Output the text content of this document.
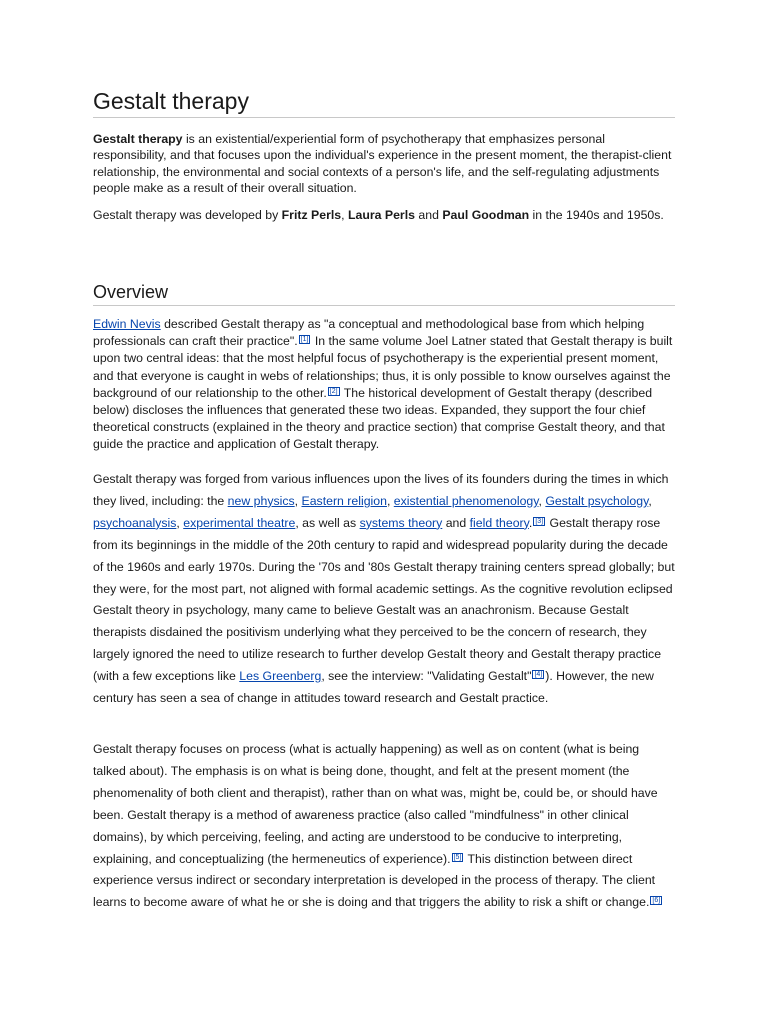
Gestalt therapy

Gestalt therapy is an existential/experiential form of psychotherapy that emphasizes personal responsibility, and that focuses upon the individual's experience in the present moment, the therapist-client relationship, the environmental and social contexts of a person's life, and the self-regulating adjustments people make as a result of their overall situation.

Gestalt therapy was developed by Fritz Perls, Laura Perls and Paul Goodman in the 1940s and 1950s.

Overview

Edwin Nevis described Gestalt therapy as "a conceptual and methodological base from which helping professionals can craft their practice". [1] In the same volume Joel Latner stated that Gestalt therapy is built upon two central ideas: that the most helpful focus of psychotherapy is the experiential present moment, and that everyone is caught in webs of relationships; thus, it is only possible to know ourselves against the background of our relationship to the other. [2] The historical development of Gestalt therapy (described below) discloses the influences that generated these two ideas. Expanded, they support the four chief theoretical constructs (explained in the theory and practice section) that comprise Gestalt theory, and that guide the practice and application of Gestalt therapy.

Gestalt therapy was forged from various influences upon the lives of its founders during the times in which they lived, including: the new physics, Eastern religion, existential phenomenology, Gestalt psychology, psychoanalysis, experimental theatre, as well as systems theory and field theory. [3] Gestalt therapy rose from its beginnings in the middle of the 20th century to rapid and widespread popularity during the decade of the 1960s and early 1970s. During the '70s and '80s Gestalt therapy training centers spread globally; but they were, for the most part, not aligned with formal academic settings. As the cognitive revolution eclipsed Gestalt theory in psychology, many came to believe Gestalt was an anachronism. Because Gestalt therapists disdained the positivism underlying what they perceived to be the concern of research, they largely ignored the need to utilize research to further develop Gestalt theory and Gestalt therapy practice (with a few exceptions like Les Greenberg, see the interview: "Validating Gestalt" [4] ). However, the new century has seen a sea of change in attitudes toward research and Gestalt practice.

Gestalt therapy focuses on process (what is actually happening) as well as on content (what is being talked about). The emphasis is on what is being done, thought, and felt at the present moment (the phenomenality of both client and therapist), rather than on what was, might be, could be, or should have been. Gestalt therapy is a method of awareness practice (also called "mindfulness" in other clinical domains), by which perceiving, feeling, and acting are understood to be conducive to interpreting, explaining, and conceptualizing (the hermeneutics of experience). [5] This distinction between direct experience versus indirect or secondary interpretation is developed in the process of therapy. The client learns to become aware of what he or she is doing and that triggers the ability to risk a shift or change. [6]
